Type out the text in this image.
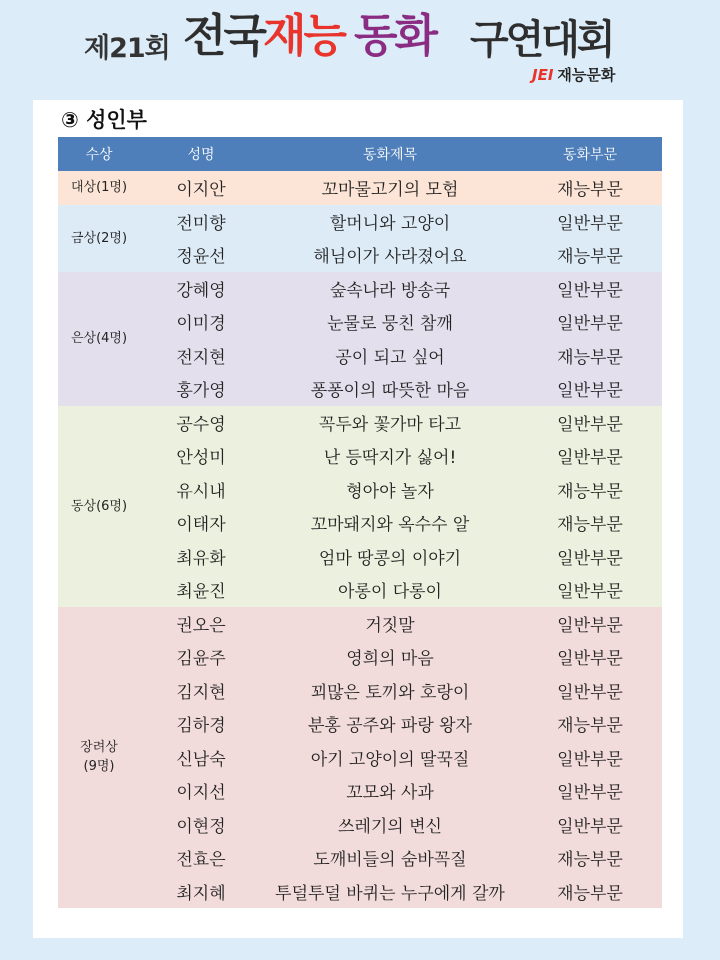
제21회 전국 재능 동화 구연대회
JEI 재능문화
③ 성인부
수상	성명	동화제목	동화부문
대상(1명)	이지안	꼬마물고기의 모험	재능부문
금상(2명)	전미향	할머니와 고양이	일반부문
	정윤선	해님이가 사라졌어요	재능부문
은상(4명)	강혜영	숲속나라 방송국	일반부문
	이미경	눈물로 뭉친 참깨	일반부문
	전지현	공이 되고 싶어	재능부문
	홍가영	퐁퐁이의 따뜻한 마음	일반부문
동상(6명)	공수영	꼭두와 꽃가마 타고	일반부문
	안성미	난 등딱지가 싫어!	일반부문
	유시내	형아야 놀자	재능부문
	이태자	꼬마돼지와 옥수수 알	재능부문
	최유화	엄마 땅콩의 이야기	일반부문
	최윤진	아롱이 다롱이	일반부문
장려상
(9명)	권오은	거짓말	일반부문
	김윤주	영희의 마음	일반부문
	김지현	꾀많은 토끼와 호랑이	일반부문
	김하경	분홍 공주와 파랑 왕자	재능부문
	신남숙	아기 고양이의 딸꾹질	일반부문
	이지선	꼬모와 사과	일반부문
	이현정	쓰레기의 변신	일반부문
	전효은	도깨비들의 숨바꼭질	재능부문
	최지혜	투덜투덜 바퀴는 누구에게 갈까	재능부문
